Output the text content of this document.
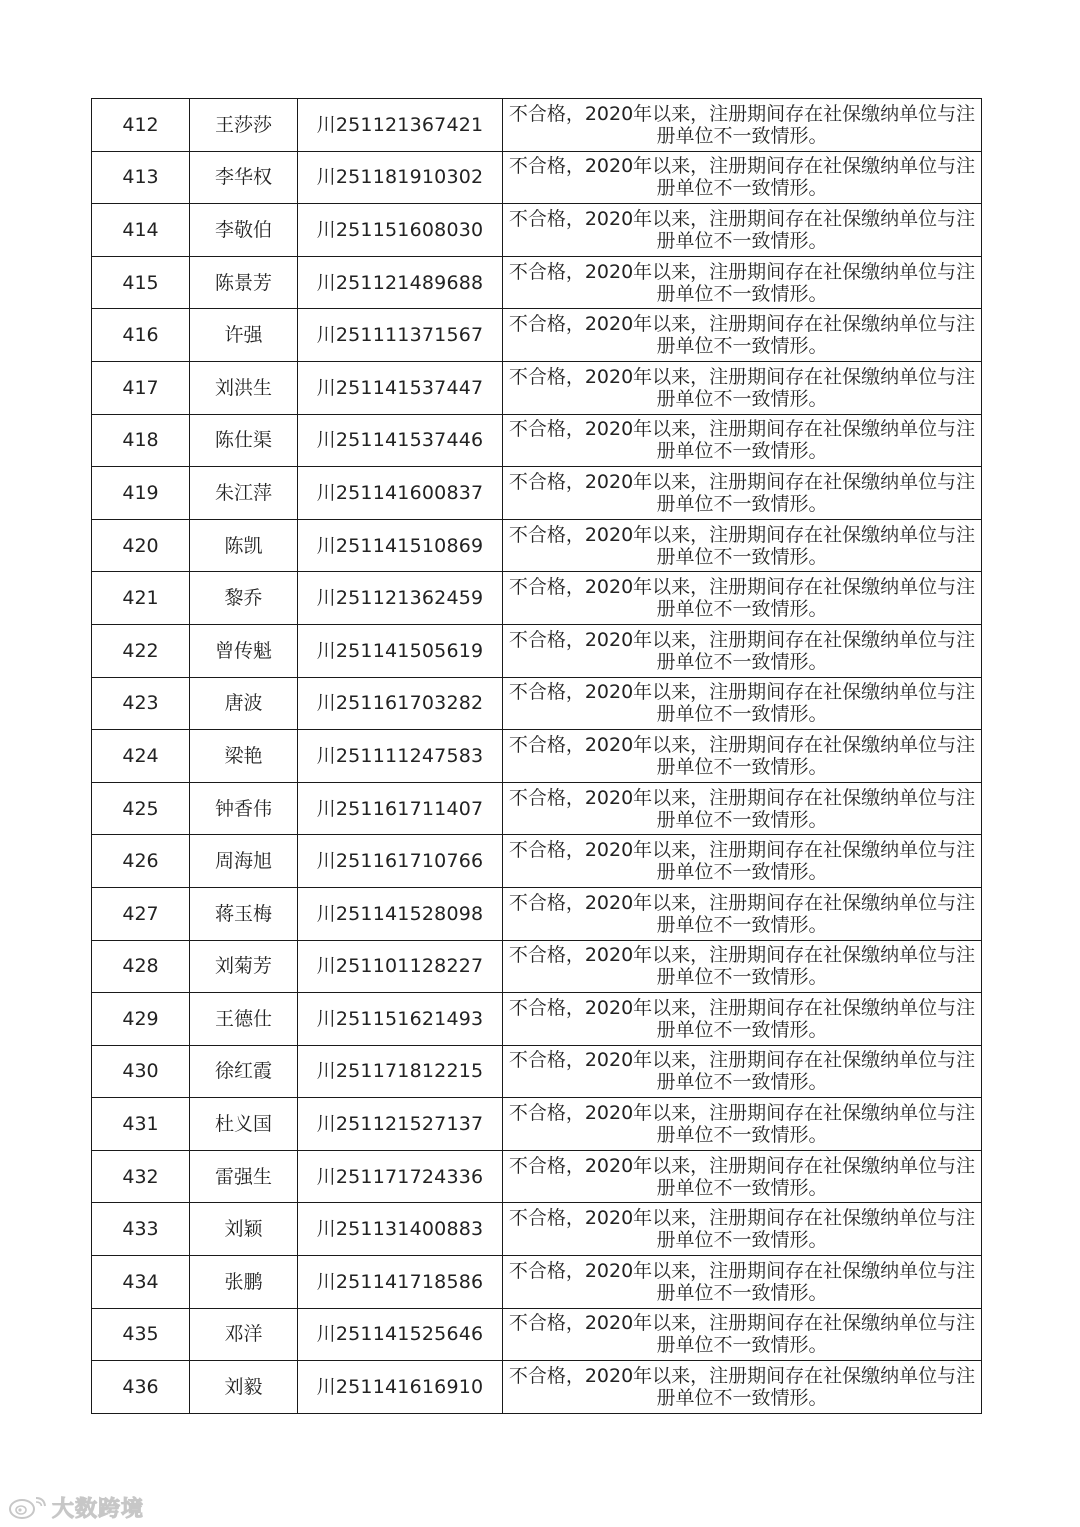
412	王莎莎	川251121367421	不合格，2020年以来，注册期间存在社保缴纳单位与注册单位不一致情形。
413	李华权	川251181910302	不合格，2020年以来，注册期间存在社保缴纳单位与注册单位不一致情形。
414	李敬伯	川251151608030	不合格，2020年以来，注册期间存在社保缴纳单位与注册单位不一致情形。
415	陈景芳	川251121489688	不合格，2020年以来，注册期间存在社保缴纳单位与注册单位不一致情形。
416	许强	川251111371567	不合格，2020年以来，注册期间存在社保缴纳单位与注册单位不一致情形。
417	刘洪生	川251141537447	不合格，2020年以来，注册期间存在社保缴纳单位与注册单位不一致情形。
418	陈仕渠	川251141537446	不合格，2020年以来，注册期间存在社保缴纳单位与注册单位不一致情形。
419	朱江萍	川251141600837	不合格，2020年以来，注册期间存在社保缴纳单位与注册单位不一致情形。
420	陈凯	川251141510869	不合格，2020年以来，注册期间存在社保缴纳单位与注册单位不一致情形。
421	黎乔	川251121362459	不合格，2020年以来，注册期间存在社保缴纳单位与注册单位不一致情形。
422	曾传魁	川251141505619	不合格，2020年以来，注册期间存在社保缴纳单位与注册单位不一致情形。
423	唐波	川251161703282	不合格，2020年以来，注册期间存在社保缴纳单位与注册单位不一致情形。
424	梁艳	川251111247583	不合格，2020年以来，注册期间存在社保缴纳单位与注册单位不一致情形。
425	钟香伟	川251161711407	不合格，2020年以来，注册期间存在社保缴纳单位与注册单位不一致情形。
426	周海旭	川251161710766	不合格，2020年以来，注册期间存在社保缴纳单位与注册单位不一致情形。
427	蒋玉梅	川251141528098	不合格，2020年以来，注册期间存在社保缴纳单位与注册单位不一致情形。
428	刘菊芳	川251101128227	不合格，2020年以来，注册期间存在社保缴纳单位与注册单位不一致情形。
429	王德仕	川251151621493	不合格，2020年以来，注册期间存在社保缴纳单位与注册单位不一致情形。
430	徐红霞	川251171812215	不合格，2020年以来，注册期间存在社保缴纳单位与注册单位不一致情形。
431	杜义国	川251121527137	不合格，2020年以来，注册期间存在社保缴纳单位与注册单位不一致情形。
432	雷强生	川251171724336	不合格，2020年以来，注册期间存在社保缴纳单位与注册单位不一致情形。
433	刘颖	川251131400883	不合格，2020年以来，注册期间存在社保缴纳单位与注册单位不一致情形。
434	张鹏	川251141718586	不合格，2020年以来，注册期间存在社保缴纳单位与注册单位不一致情形。
435	邓洋	川251141525646	不合格，2020年以来，注册期间存在社保缴纳单位与注册单位不一致情形。
436	刘毅	川251141616910	不合格，2020年以来，注册期间存在社保缴纳单位与注册单位不一致情形。
大数跨境
